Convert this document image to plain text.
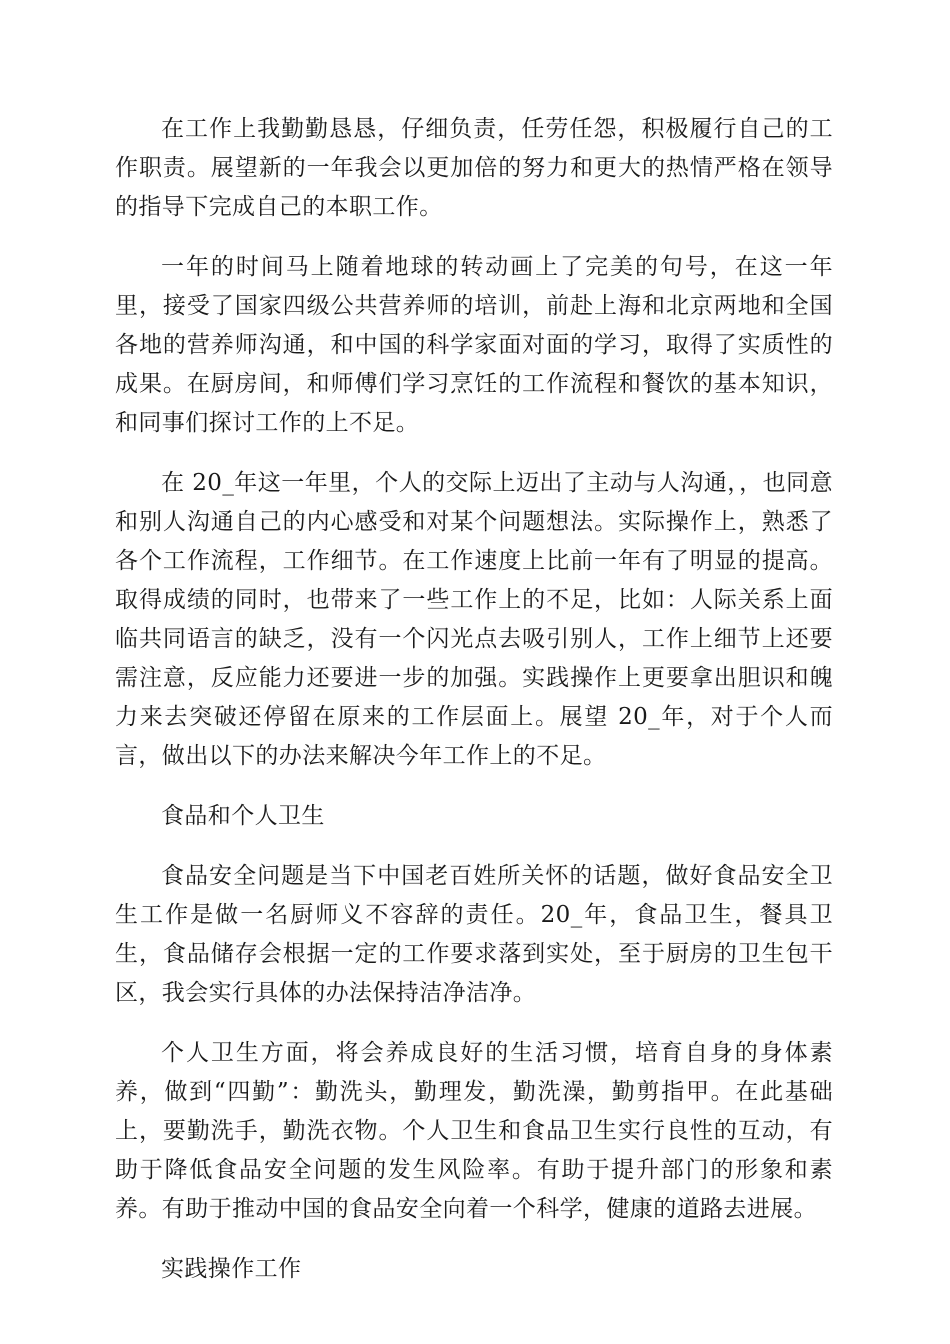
在工作上我勤勤恳恳，仔细负责，任劳任怨，积极履行自己的工作职责。展望新的一年我会以更加倍的努力和更大的热情严格在领导的指导下完成自己的本职工作。

一年的时间马上随着地球的转动画上了完美的句号，在这一年里，接受了国家四级公共营养师的培训，前赴上海和北京两地和全国各地的营养师沟通，和中国的科学家面对面的学习，取得了实质性的成果。在厨房间，和师傅们学习烹饪的工作流程和餐饮的基本知识，和同事们探讨工作的上不足。

在 20_年这一年里，个人的交际上迈出了主动与人沟通，，也同意和别人沟通自己的内心感受和对某个问题想法。实际操作上，熟悉了各个工作流程，工作细节。在工作速度上比前一年有了明显的提高。取得成绩的同时，也带来了一些工作上的不足，比如：人际关系上面临共同语言的缺乏，没有一个闪光点去吸引别人，工作上细节上还要需注意，反应能力还要进一步的加强。实践操作上更要拿出胆识和魄力来去突破还停留在原来的工作层面上。展望 20_年，对于个人而言，做出以下的办法来解决今年工作上的不足。

食品和个人卫生

食品安全问题是当下中国老百姓所关怀的话题，做好食品安全卫生工作是做一名厨师义不容辞的责任。20_年，食品卫生，餐具卫生，食品储存会根据一定的工作要求落到实处，至于厨房的卫生包干区，我会实行具体的办法保持洁净洁净。

个人卫生方面，将会养成良好的生活习惯，培育自身的身体素养，做到“四勤”：勤洗头，勤理发，勤洗澡，勤剪指甲。在此基础上，要勤洗手，勤洗衣物。个人卫生和食品卫生实行良性的互动，有助于降低食品安全问题的发生风险率。有助于提升部门的形象和素养。有助于推动中国的食品安全向着一个科学，健康的道路去进展。

实践操作工作
